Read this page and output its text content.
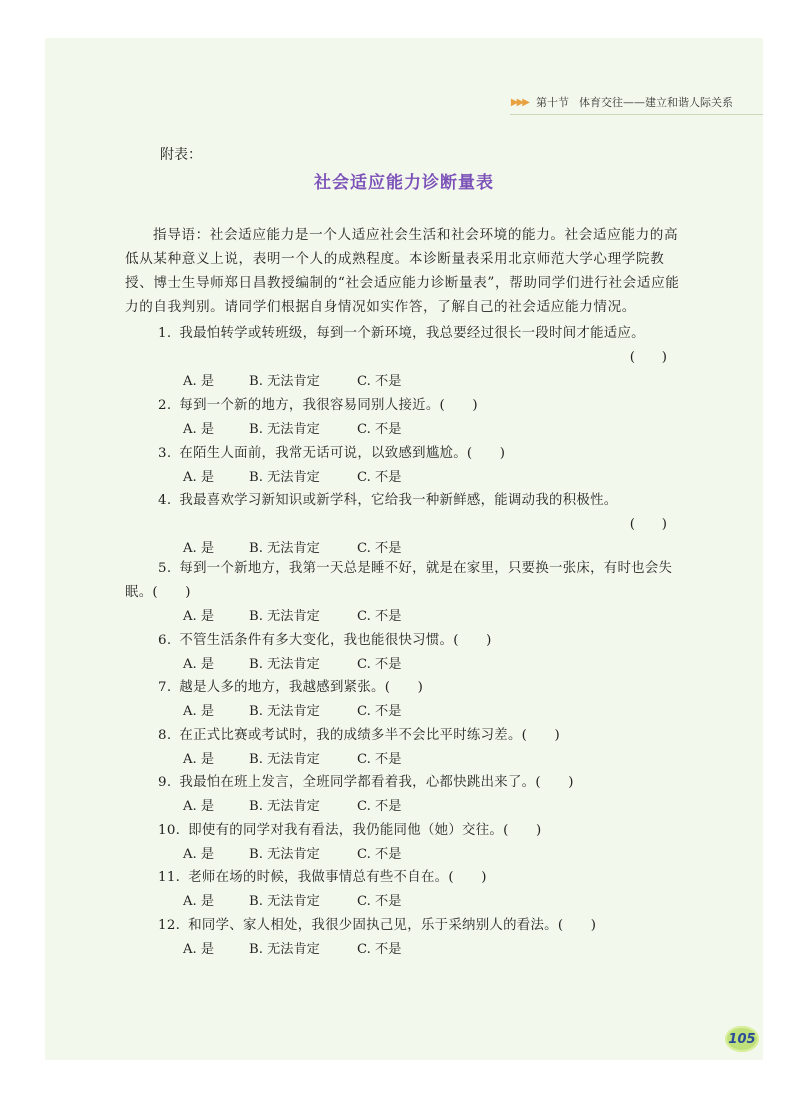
▶▶▶ 第十节 体育交往——建立和谐人际关系
附表：
社会适应能力诊断量表
指导语：社会适应能力是一个人适应社会生活和社会环境的能力。社会适应能力的高低从某种意义上说，表明一个人的成熟程度。本诊断量表采用北京师范大学心理学院教授、博士生导师郑日昌教授编制的“社会适应能力诊断量表”，帮助同学们进行社会适应能力的自我判别。请同学们根据自身情况如实作答，了解自己的社会适应能力情况。
1. 我最怕转学或转班级，每到一个新环境，我总要经过很长一段时间才能适应。
(　　)
A. 是	B. 无法肯定	C. 不是
2. 每到一个新的地方，我很容易同别人接近。(　　)
A. 是	B. 无法肯定	C. 不是
3. 在陌生人面前，我常无话可说，以致感到尴尬。(　　)
A. 是	B. 无法肯定	C. 不是
4. 我最喜欢学习新知识或新学科，它给我一种新鲜感，能调动我的积极性。
(　　)
A. 是	B. 无法肯定	C. 不是
5. 每到一个新地方，我第一天总是睡不好，就是在家里，只要换一张床，有时也会失眠。(　　)
A. 是	B. 无法肯定	C. 不是
6. 不管生活条件有多大变化，我也能很快习惯。(　　)
A. 是	B. 无法肯定	C. 不是
7. 越是人多的地方，我越感到紧张。(　　)
A. 是	B. 无法肯定	C. 不是
8. 在正式比赛或考试时，我的成绩多半不会比平时练习差。(　　)
A. 是	B. 无法肯定	C. 不是
9. 我最怕在班上发言，全班同学都看着我，心都快跳出来了。(　　)
A. 是	B. 无法肯定	C. 不是
10. 即使有的同学对我有看法，我仍能同他（她）交往。(　　)
A. 是	B. 无法肯定	C. 不是
11. 老师在场的时候，我做事情总有些不自在。(　　)
A. 是	B. 无法肯定	C. 不是
12. 和同学、家人相处，我很少固执己见，乐于采纳别人的看法。(　　)
A. 是	B. 无法肯定	C. 不是
105
